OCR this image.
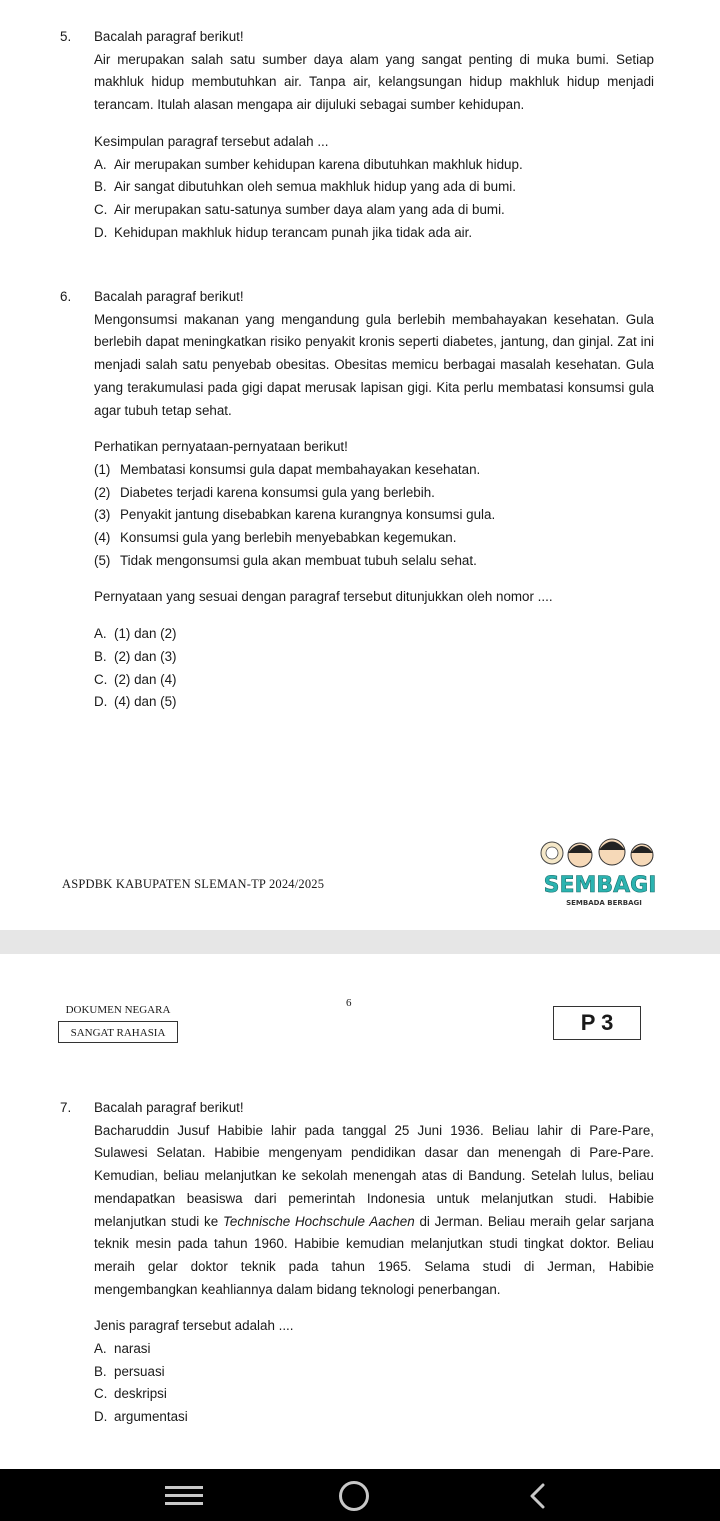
5. Bacalah paragraf berikut!

Air merupakan salah satu sumber daya alam yang sangat penting di muka bumi. Setiap makhluk hidup membutuhkan air. Tanpa air, kelangsungan hidup makhluk hidup menjadi terancam. Itulah alasan mengapa air dijuluki sebagai sumber kehidupan.

Kesimpulan paragraf tersebut adalah ...

A. Air merupakan sumber kehidupan karena dibutuhkan makhluk hidup.
B. Air sangat dibutuhkan oleh semua makhluk hidup yang ada di bumi.
C. Air merupakan satu-satunya sumber daya alam yang ada di bumi.
D. Kehidupan makhluk hidup terancam punah jika tidak ada air.
6. Bacalah paragraf berikut!

Mengonsumsi makanan yang mengandung gula berlebih membahayakan kesehatan. Gula berlebih dapat meningkatkan risiko penyakit kronis seperti diabetes, jantung, dan ginjal. Zat ini menjadi salah satu penyebab obesitas. Obesitas memicu berbagai masalah kesehatan. Gula yang terakumulasi pada gigi dapat merusak lapisan gigi. Kita perlu membatasi konsumsi gula agar tubuh tetap sehat.

Perhatikan pernyataan-pernyataan berikut!

(1) Membatasi konsumsi gula dapat membahayakan kesehatan.
(2) Diabetes terjadi karena konsumsi gula yang berlebih.
(3) Penyakit jantung disebabkan karena kurangnya konsumsi gula.
(4) Konsumsi gula yang berlebih menyebabkan kegemukan.
(5) Tidak mengonsumsi gula akan membuat tubuh selalu sehat.

Pernyataan yang sesuai dengan paragraf tersebut ditunjukkan oleh nomor ....

A. (1) dan (2)
B. (2) dan (3)
C. (2) dan (4)
D. (4) dan (5)
ASPDBK KABUPATEN SLEMAN-TP 2024/2025	SEMBAGI
SEMBADA BERBAGI
6
DOKUMEN NEGARA
SANGAT RAHASIA	P 3
7. Bacalah paragraf berikut!

Bacharuddin Jusuf Habibie lahir pada tanggal 25 Juni 1936. Beliau lahir di Pare-Pare, Sulawesi Selatan. Habibie mengenyam pendidikan dasar dan menengah di Pare-Pare. Kemudian, beliau melanjutkan ke sekolah menengah atas di Bandung. Setelah lulus, beliau mendapatkan beasiswa dari pemerintah Indonesia untuk melanjutkan studi. Habibie melanjutkan studi ke Technische Hochschule Aachen di Jerman. Beliau meraih gelar sarjana teknik mesin pada tahun 1960. Habibie kemudian melanjutkan studi tingkat doktor. Beliau meraih gelar doktor teknik pada tahun 1965. Selama studi di Jerman, Habibie mengembangkan keahliannya dalam bidang teknologi penerbangan.

Jenis paragraf tersebut adalah ....

A. narasi
B. persuasi
C. deskripsi
D. argumentasi
